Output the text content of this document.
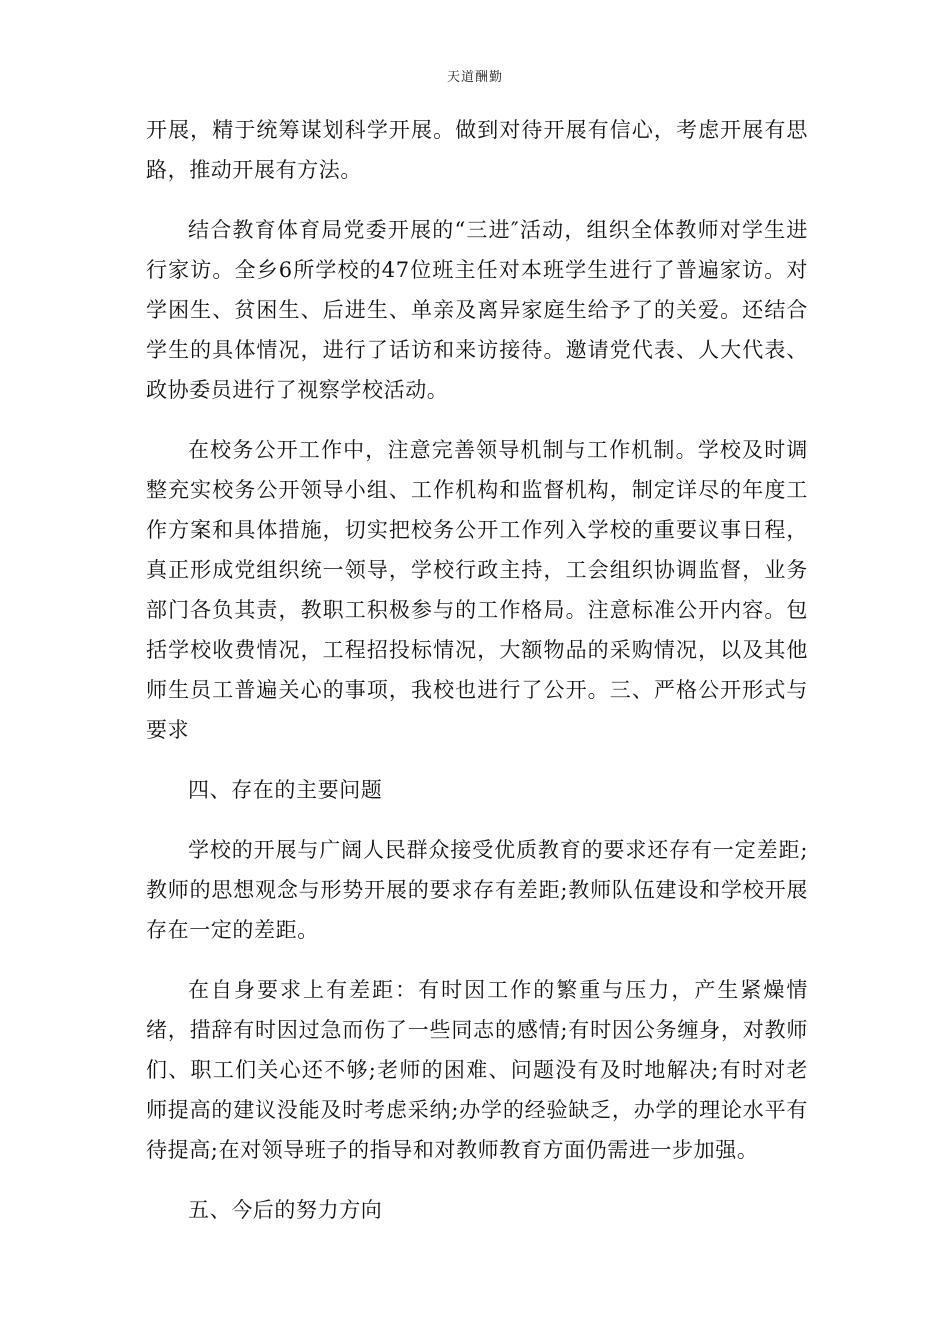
天道酬勤

开展，精于统筹谋划科学开展。做到对待开展有信心，考虑开展有思路，推动开展有方法。

结合教育体育局党委开展的“三进″活动，组织全体教师对学生进行家访。全乡6所学校的47位班主任对本班学生进行了普遍家访。对学困生、贫困生、后进生、单亲及离异家庭生给予了的关爱。还结合学生的具体情况，进行了话访和来访接待。邀请党代表、人大代表、政协委员进行了视察学校活动。

在校务公开工作中，注意完善领导机制与工作机制。学校及时调整充实校务公开领导小组、工作机构和监督机构，制定详尽的年度工作方案和具体措施，切实把校务公开工作列入学校的重要议事日程，真正形成党组织统一领导，学校行政主持，工会组织协调监督，业务部门各负其责，教职工积极参与的工作格局。注意标准公开内容。包括学校收费情况，工程招投标情况，大额物品的采购情况，以及其他师生员工普遍关心的事项，我校也进行了公开。三、严格公开形式与要求

四、存在的主要问题

学校的开展与广阔人民群众接受优质教育的要求还存有一定差距;教师的思想观念与形势开展的要求存有差距;教师队伍建设和学校开展存在一定的差距。

在自身要求上有差距：有时因工作的繁重与压力，产生紧燥情绪，措辞有时因过急而伤了一些同志的感情;有时因公务缠身，对教师们、职工们关心还不够;老师的困难、问题没有及时地解决;有时对老师提高的建议没能及时考虑采纳;办学的经验缺乏，办学的理论水平有待提高;在对领导班子的指导和对教师教育方面仍需进一步加强。

五、今后的努力方向
